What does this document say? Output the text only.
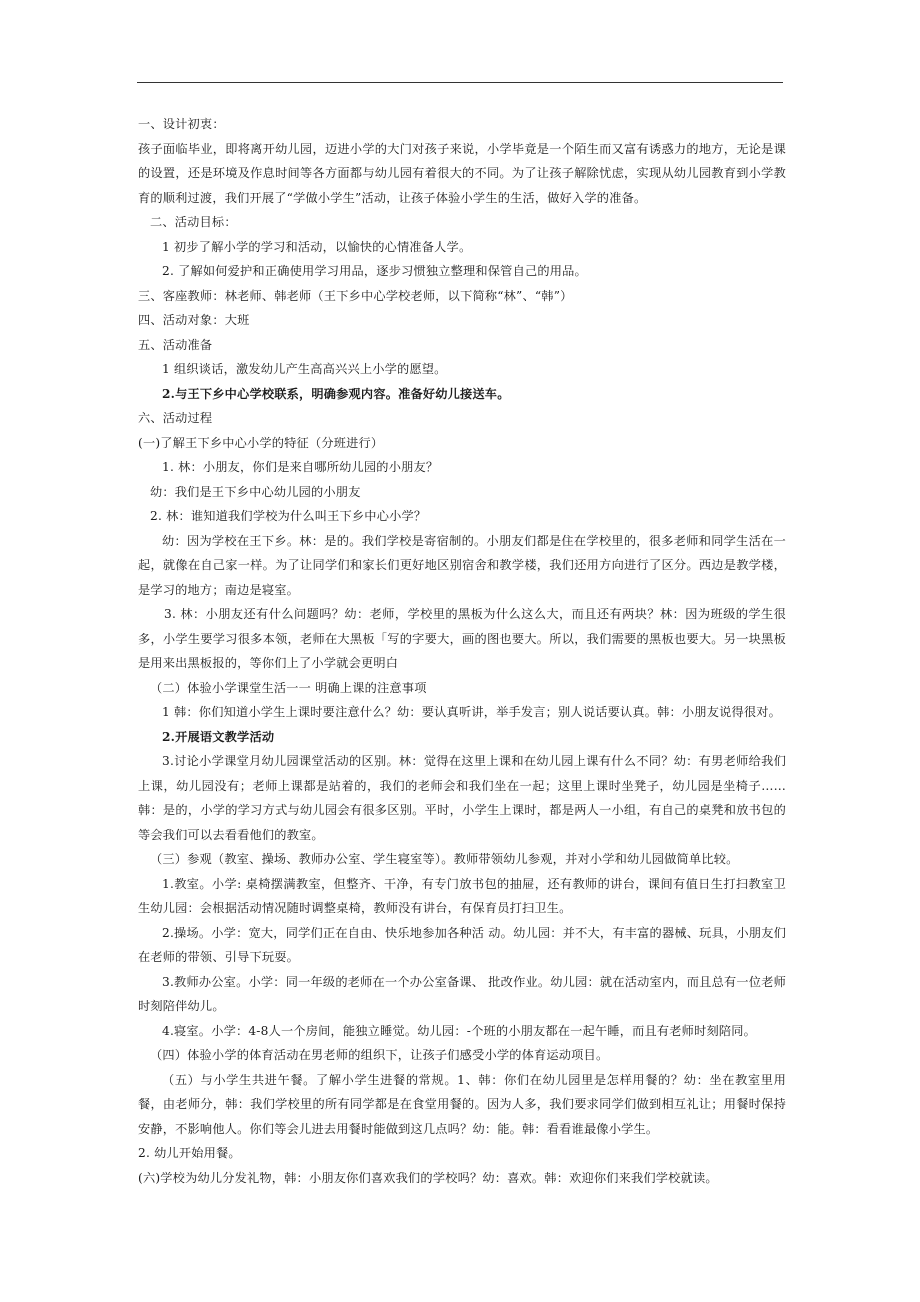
一、设计初衷：

孩子面临毕业，即将离开幼儿园，迈进小学的大门对孩子来说，小学毕竟是一个陌生而又富有诱惑力的地方，无论是课的设置，还是环境及作息时间等各方面都与幼儿园有着很大的不同。为了让孩子解除忧虑，实现从幼儿园教育到小学教育的顺利过渡，我们开展了“学做小学生”活动，让孩子体验小学生的生活，做好入学的准备。

二、活动目标：

1 初步了解小学的学习和活动，以愉快的心情准备人学。

2. 了解如何爱护和正确使用学习用品，逐步习惯独立整理和保管自己的用品。

三、客座教师：林老师、韩老师（王下乡中心学校老师，以下简称“林”、“韩”）

四、活动对象：大班

五、活动准备

1 组织谈话，激发幼儿产生高高兴兴上小学的愿望。

2.与王下乡中心学校联系，明确参观内容。准备好幼儿接送车。

六、活动过程

(一)了解王下乡中心小学的特征（分班进行）

1. 林：小朋友，你们是来自哪所幼儿园的小朋友？

幼：我们是王下乡中心幼儿园的小朋友

2. 林：谁知道我们学校为什么叫王下乡中心小学？

幼：因为学校在王下乡。林：是的。我们学校是寄宿制的。小朋友们都是住在学校里的，很多老师和同学生活在一起，就像在自己家一样。为了让同学们和家长们更好地区别宿舍和教学楼，我们还用方向进行了区分。西边是教学楼，是学习的地方；南边是寝室。

3. 林：小朋友还有什么问题吗？幼：老师，学校里的黑板为什么这么大，而且还有两块？林：因为班级的学生很多，小学生要学习很多本领，老师在大黑板「写的字要大，画的图也要大。所以，我们需要的黑板也要大。另一块黑板是用来出黑板报的，等你们上了小学就会更明白

（二）体验小学课堂生活一一 明确上课的注意事项

1 韩：你们知道小学生上课时要注意什么？幼：要认真听讲，举手发言；别人说话要认真。韩：小朋友说得很对。

2.开展语文教学活动

3.讨论小学课堂月幼儿园课堂活动的区别。林：觉得在这里上课和在幼儿园上课有什么不同？幼：有男老师给我们上课，幼儿园没有；老师上课都是站着的，我们的老师会和我们坐在一起；这里上课时坐凳子，幼儿园是坐椅子……韩：是的，小学的学习方式与幼儿园会有很多区别。平时，小学生上课时，都是两人一小组，有自己的桌凳和放书包的等会我们可以去看看他们的教室。

（三）参观（教室、操场、教师办公室、学生寝室等）。教师带领幼儿参观，并对小学和幼儿园做简单比较。

1.教室。小学: 桌椅摆满教室，但整齐、干净，有专门放书包的抽屉，还有教师的讲台，课间有值日生打扫教室卫生幼儿园：会根据活动情况随时调整桌椅，教师没有讲台，有保育员打扫卫生。

2.操场。小学：宽大，同学们正在自由、快乐地参加各种活 动。幼儿园：并不大，有丰富的器械、玩具，小朋友们在老师的带领、引导下玩耍。

3.教师办公室。小学：同一年级的老师在一个办公室备课、 批改作业。幼儿园：就在活动室内，而且总有一位老师时刻陪伴幼儿。

4.寝室。小学：4-8人一个房间，能独立睡觉。幼儿园：-个班的小朋友都在一起午睡，而且有老师时刻陪同。

（四）体验小学的体育活动在男老师的组织下，让孩子们感受小学的体育运动项目。

（五）与小学生共进午餐。了解小学生进餐的常规。1、韩：你们在幼儿园里是怎样用餐的？幼：坐在教室里用餐，由老师分，韩：我们学校里的所有同学都是在食堂用餐的。因为人多，我们要求同学们做到相互礼让；用餐时保持安静，不影响他人。你们等会儿进去用餐时能做到这几点吗？幼：能。韩：看看谁最像小学生。

2. 幼儿开始用餐。

(六)学校为幼儿分发礼物，韩：小朋友你们喜欢我们的学校吗？幼：喜欢。韩：欢迎你们来我们学校就读。
